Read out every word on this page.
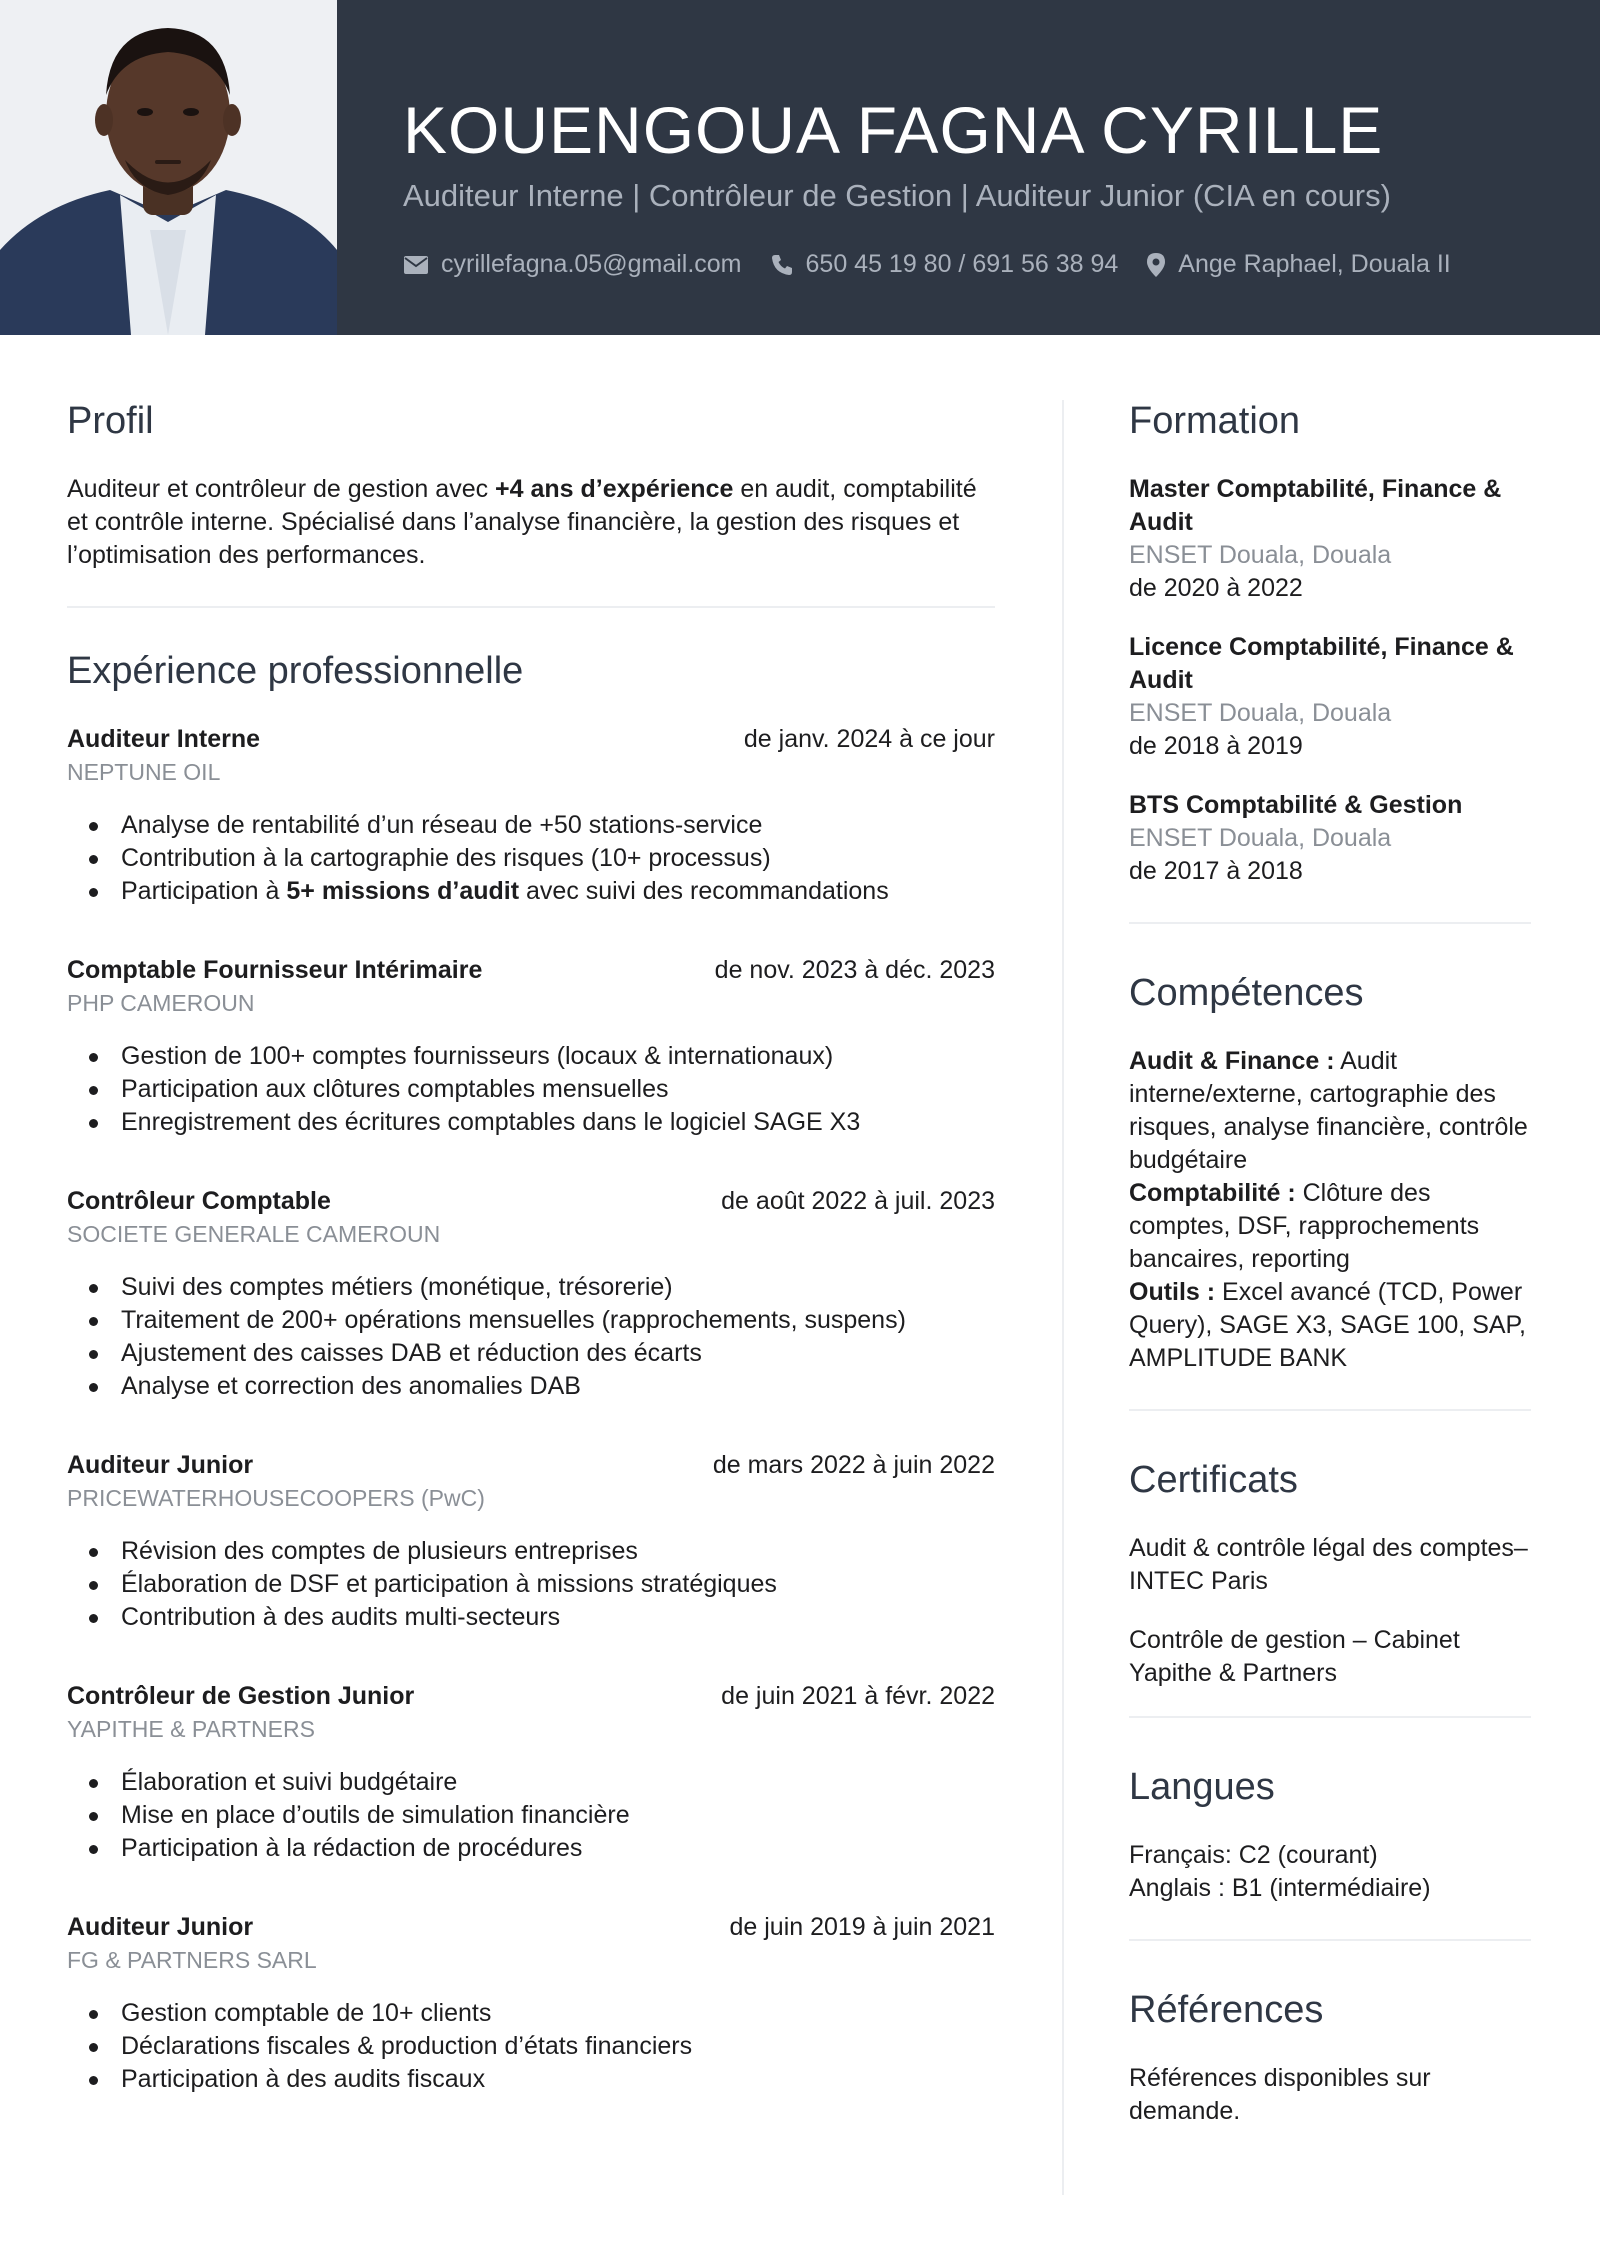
KOUENGOUA FAGNA CYRILLE
Auditeur Interne | Contrôleur de Gestion | Auditeur Junior (CIA en cours)
cyrillefagna.05@gmail.com	650 45 19 80 / 691 56 38 94 Ange Raphael, Douala II
Profil

Auditeur et contrôleur de gestion avec +4 ans d’expérience en audit, comptabilité et contrôle interne. Spécialisé dans l’analyse financière, la gestion des risques et l’optimisation des performances.

Expérience professionnelle
Auditeur Interne	de janv. 2024 à ce jour
NEPTUNE OIL
Analyse de rentabilité d’un réseau de +50 stations-service
Contribution à la cartographie des risques (10+ processus)
Participation à 5+ missions d’audit avec suivi des recommandations
Comptable Fournisseur Intérimaire	de nov. 2023 à déc. 2023
PHP CAMEROUN
Gestion de 100+ comptes fournisseurs (locaux & internationaux)
Participation aux clôtures comptables mensuelles
Enregistrement des écritures comptables dans le logiciel SAGE X3
Contrôleur Comptable	de août 2022 à juil. 2023
SOCIETE GENERALE CAMEROUN
Suivi des comptes métiers (monétique, trésorerie)
Traitement de 200+ opérations mensuelles (rapprochements, suspens)
Ajustement des caisses DAB et réduction des écarts
Analyse et correction des anomalies DAB
Auditeur Junior	de mars 2022 à juin 2022
PRICEWATERHOUSECOOPERS (PwC)
Révision des comptes de plusieurs entreprises
Élaboration de DSF et participation à missions stratégiques
Contribution à des audits multi-secteurs
Contrôleur de Gestion Junior	de juin 2021 à févr. 2022
YAPITHE & PARTNERS
Élaboration et suivi budgétaire
Mise en place d’outils de simulation financière
Participation à la rédaction de procédures
Auditeur Junior	de juin 2019 à juin 2021
FG & PARTNERS SARL
Gestion comptable de 10+ clients
Déclarations fiscales & production d’états financiers
Participation à des audits fiscaux
Formation
Master Comptabilité, Finance & Audit
ENSET Douala, Douala
de 2020 à 2022
Licence Comptabilité, Finance & Audit
ENSET Douala, Douala
de 2018 à 2019
BTS Comptabilité & Gestion
ENSET Douala, Douala
de 2017 à 2018
Compétences
Audit & Finance : Audit interne/externe, cartographie des risques, analyse financière, contrôle budgétaire
Comptabilité : Clôture des comptes, DSF, rapprochements bancaires, reporting
Outils : Excel avancé (TCD, Power Query), SAGE X3, SAGE 100, SAP, AMPLITUDE BANK
Certificats
Audit & contrôle légal des comptes– INTEC Paris
Contrôle de gestion – Cabinet Yapithe & Partners
Langues
Français: C2 (courant)
Anglais : B1 (intermédiaire)
Références
Références disponibles sur demande.
